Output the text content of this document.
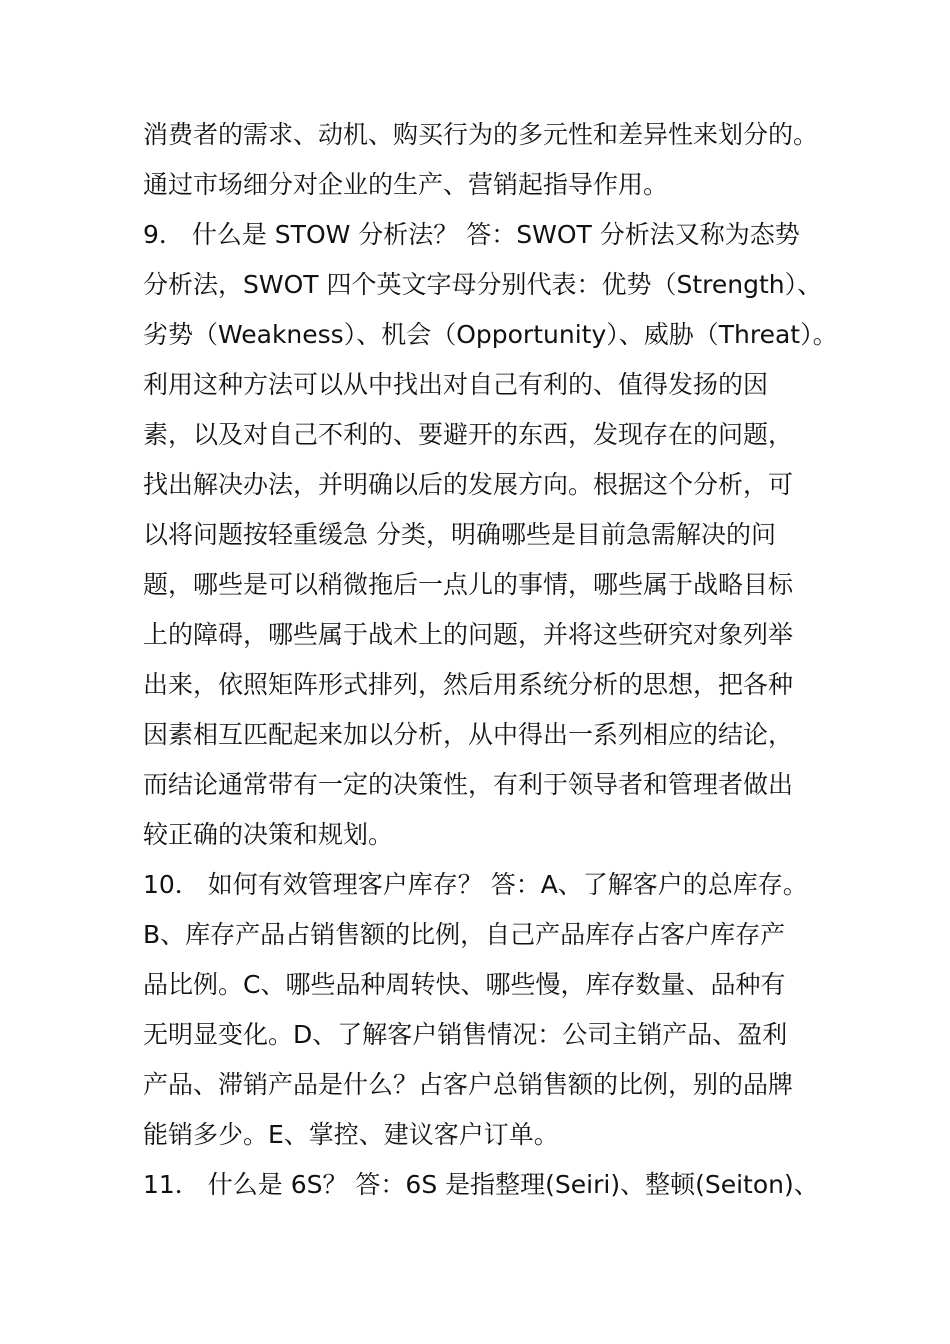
消费者的需求、动机、购买行为的多元性和差异性来划分的。
通过市场细分对企业的生产、营销起指导作用。
9． 什么是 STOW 分析法？ 答：SWOT 分析法又称为态势
分析法，SWOT 四个英文字母分别代表：优势（Strength）、
劣势（Weakness）、机会（Opportunity）、威胁（Threat）。
利用这种方法可以从中找出对自己有利的、值得发扬的因
素，以及对自己不利的、要避开的东西，发现存在的问题，
找出解决办法，并明确以后的发展方向。根据这个分析，可
以将问题按轻重缓急 分类，明确哪些是目前急需解决的问
题，哪些是可以稍微拖后一点儿的事情，哪些属于战略目标
上的障碍，哪些属于战术上的问题，并将这些研究对象列举
出来，依照矩阵形式排列，然后用系统分析的思想，把各种
因素相互匹配起来加以分析，从中得出一系列相应的结论，
而结论通常带有一定的决策性，有利于领导者和管理者做出
较正确的决策和规划。
10． 如何有效管理客户库存？ 答：A、了解客户的总库存。
B、库存产品占销售额的比例，自己产品库存占客户库存产
品比例。C、哪些品种周转快、哪些慢，库存数量、品种有
无明显变化。D、了解客户销售情况：公司主销产品、盈利
产品、滞销产品是什么？占客户总销售额的比例，别的品牌
能销多少。E、掌控、建议客户订单。
11． 什么是 6S？ 答：6S 是指整理(Seiri)、整顿(Seiton)、
